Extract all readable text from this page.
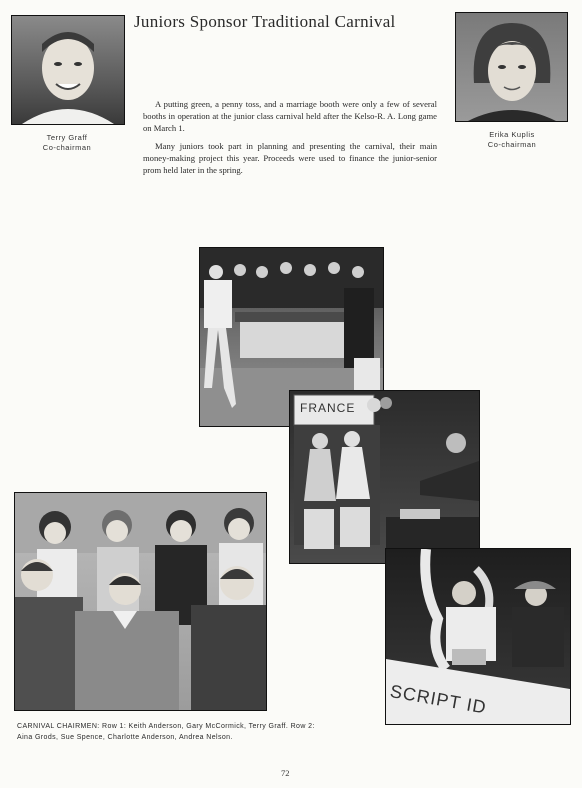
Juniors Sponsor Traditional Carnival
Terry Graff
Co-chairman
Erika Kuplis
Co-chairman

A putting green, a penny toss, and a marriage booth were only a few of several booths in operation at the junior class carnival held after the Kelso-R. A. Long game on March 1.

Many juniors took part in planning and presenting the carnival, their main money-making project this year. Proceeds were used to finance the junior-senior prom held later in the spring.

FRANCE
SCRIPT ID
CARNIVAL CHAIRMEN: Row 1: Keith Anderson, Gary McCormick, Terry Graff. Row 2: Aina Grods, Sue Spence, Charlotte Anderson, Andrea Nelson.
72
